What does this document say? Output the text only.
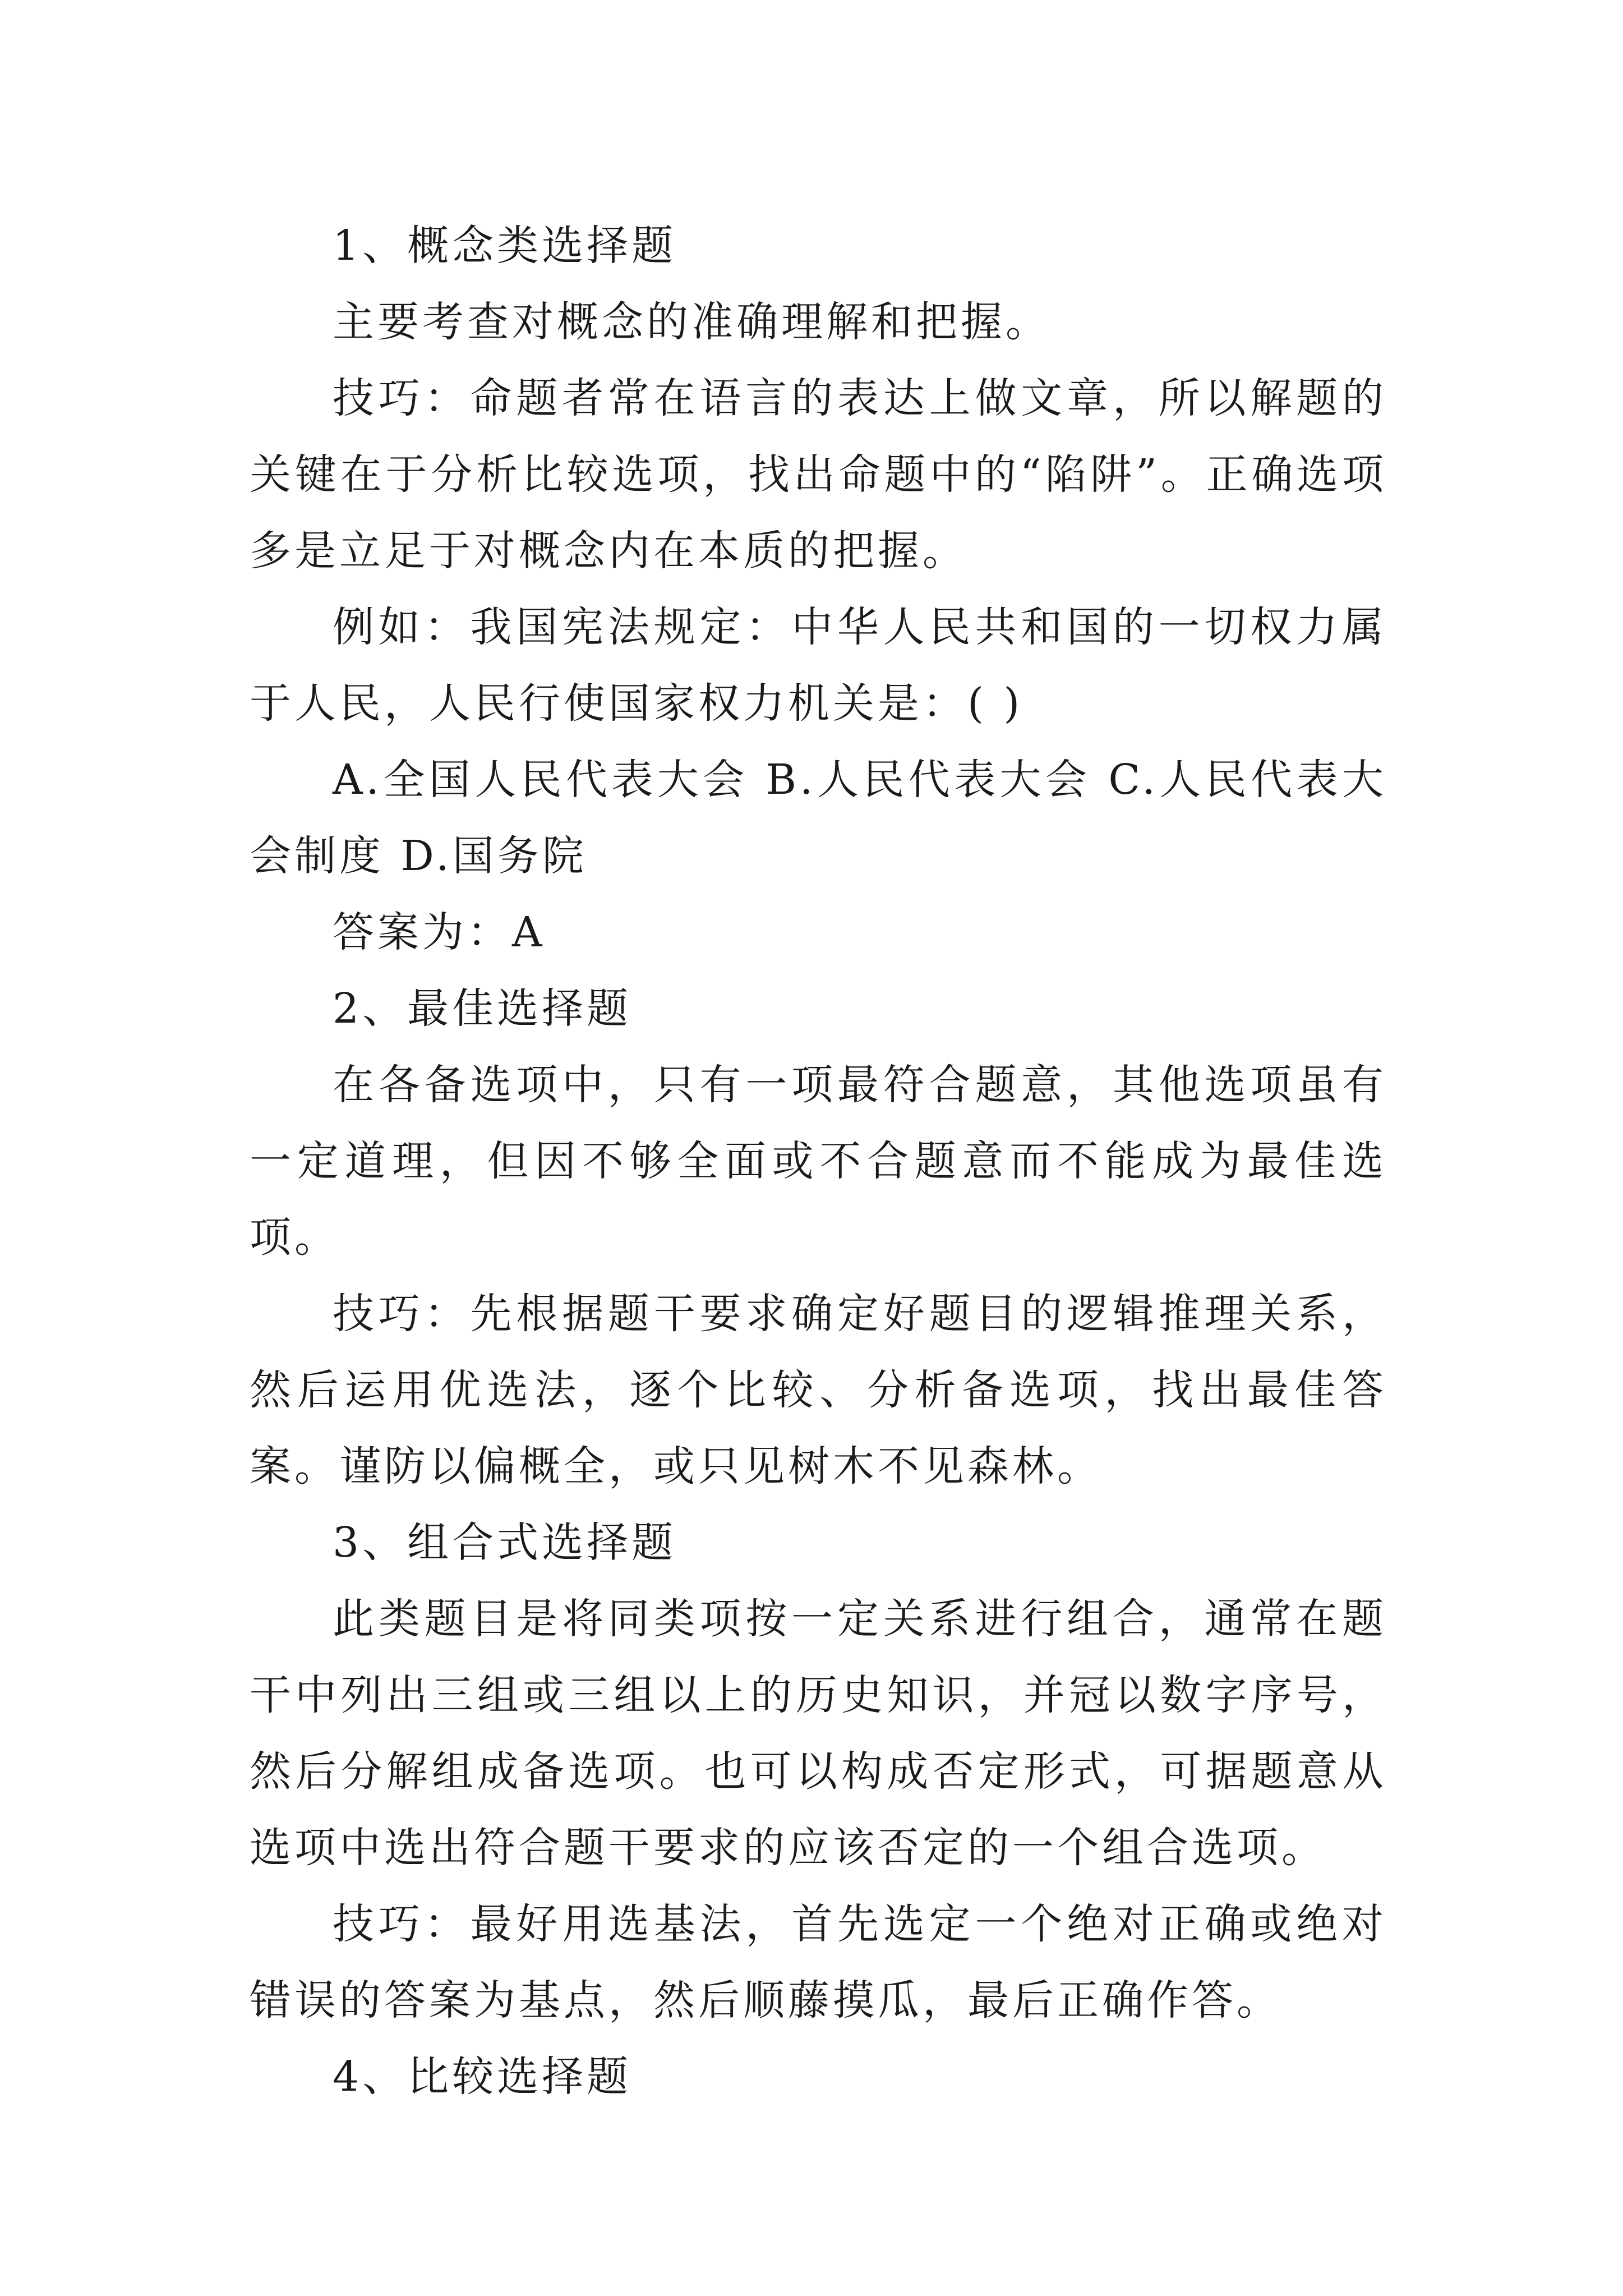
1、概念类选择题

主要考查对概念的准确理解和把握。

技巧：命题者常在语言的表达上做文章，所以解题的关键在于分析比较选项，找出命题中的“陷阱”。正确选项多是立足于对概念内在本质的把握。

例如：我国宪法规定：中华人民共和国的一切权力属于人民，人民行使国家权力机关是：( )

A.全国人民代表大会 B.人民代表大会 C.人民代表大会制度 D.国务院

答案为：A

2、最佳选择题

在各备选项中，只有一项最符合题意，其他选项虽有一定道理，但因不够全面或不合题意而不能成为最佳选项。

技巧：先根据题干要求确定好题目的逻辑推理关系，然后运用优选法，逐个比较、分析备选项，找出最佳答案。谨防以偏概全，或只见树木不见森林。

3、组合式选择题

此类题目是将同类项按一定关系进行组合，通常在题干中列出三组或三组以上的历史知识，并冠以数字序号，然后分解组成备选项。也可以构成否定形式，可据题意从选项中选出符合题干要求的应该否定的一个组合选项。

技巧：最好用选基法，首先选定一个绝对正确或绝对错误的答案为基点，然后顺藤摸瓜，最后正确作答。

4、比较选择题
